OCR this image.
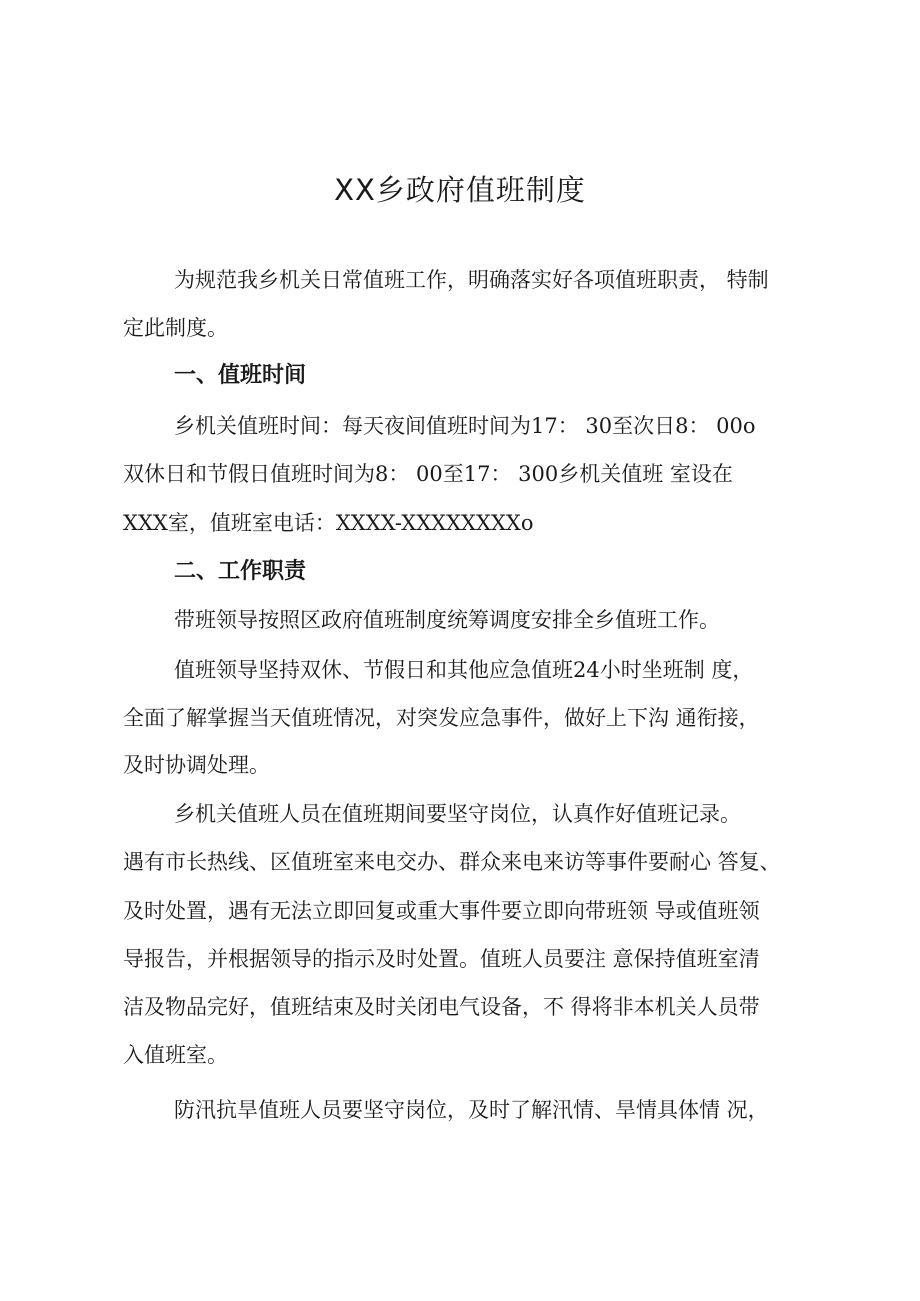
XX乡政府值班制度

为规范我乡机关日常值班工作，明确落实好各项值班职责， 特制

定此制度。

一、值班时间

乡机关值班时间：每天夜间值班时间为17： 30至次日8： 00o

双休日和节假日值班时间为8： 00至17： 300乡机关值班 室设在

XXX室，值班室电话：XXXX-XXXXXXXXo

二、工作职责

带班领导按照区政府值班制度统筹调度安排全乡值班工作。

值班领导坚持双休、节假日和其他应急值班24小时坐班制 度，

全面了解掌握当天值班情况，对突发应急事件，做好上下沟 通衔接，

及时协调处理。

乡机关值班人员在值班期间要坚守岗位，认真作好值班记录。

遇有市长热线、区值班室来电交办、群众来电来访等事件要耐心 答复、

及时处置，遇有无法立即回复或重大事件要立即向带班领 导或值班领

导报告，并根据领导的指示及时处置。值班人员要注 意保持值班室清

洁及物品完好，值班结束及时关闭电气设备，不 得将非本机关人员带

入值班室。

防汛抗旱值班人员要坚守岗位，及时了解汛情、旱情具体情 况，
